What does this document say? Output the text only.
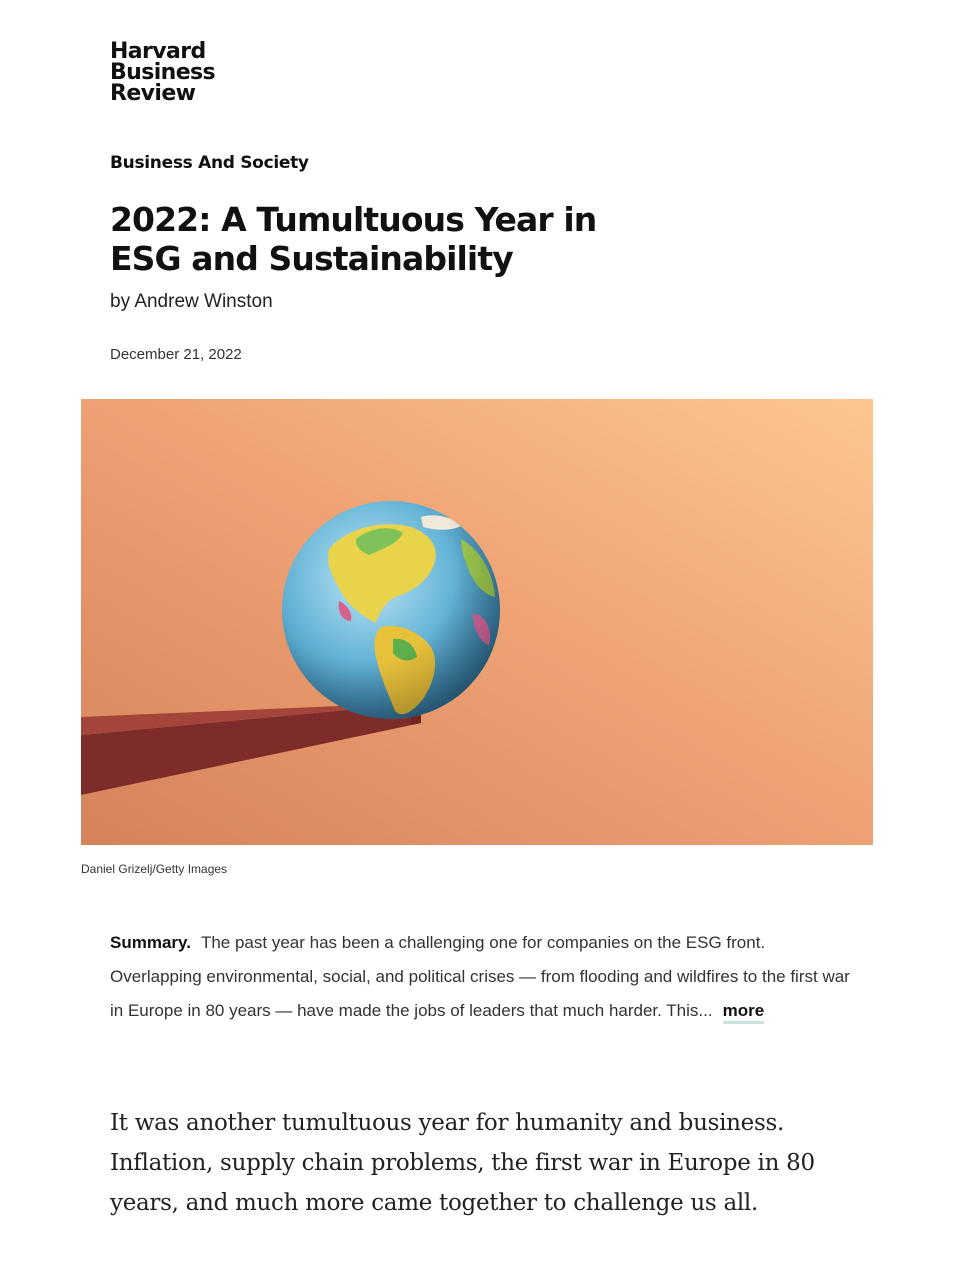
Harvard
Business
Review
Business And Society
2022: A Tumultuous Year in ESG and Sustainability
by Andrew Winston
December 21, 2022
Daniel Grizelj/Getty Images

Summary. The past year has been a challenging one for companies on the ESG front. Overlapping environmental, social, and political crises — from flooding and wildfires to the first war in Europe in 80 years — have made the jobs of leaders that much harder. This... more

It was another tumultuous year for humanity and business. Inflation, supply chain problems, the first war in Europe in 80 years, and much more came together to challenge us all.
